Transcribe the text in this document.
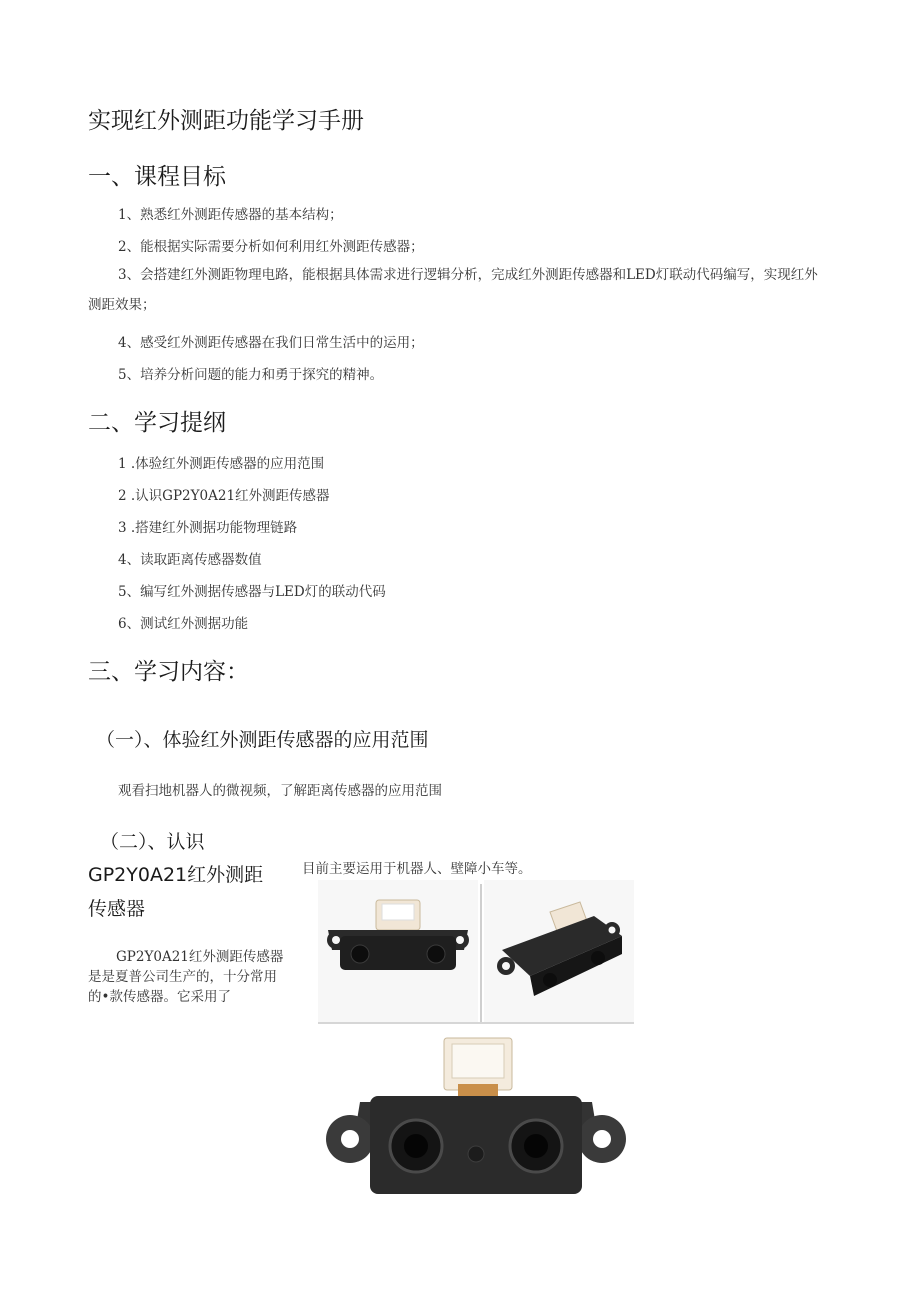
实现红外测距功能学习手册
一、课程目标
1、熟悉红外测距传感器的基本结构；
2、能根据实际需要分析如何利用红外测距传感器；
3、会搭建红外测距物理电路，能根据具体需求进行逻辑分析，完成红外测距传感器和LED灯联动代码编写，实现红外测距效果；
4、感受红外测距传感器在我们日常生活中的运用；
5、培养分析问题的能力和勇于探究的精神。
二、学习提纲
1 .体验红外测距传感器的应用范围
2 .认识GP2Y0A21红外测距传感器
3 .搭建红外测据功能物理链路
4、读取距离传感器数值
5、编写红外测据传感器与LED灯的联动代码
6、测试红外测据功能
三、学习内容：
（一）、体验红外测距传感器的应用范围
观看扫地机器人的微视频，了解距离传感器的应用范围
（二）、认识
GP2Y0A21红外测距
传感器
GP2Y0A21红外测距传感器是是夏普公司生产的，十分常用的•款传感器。它采用了
目前主要运用于机器人、壁障小车等。
